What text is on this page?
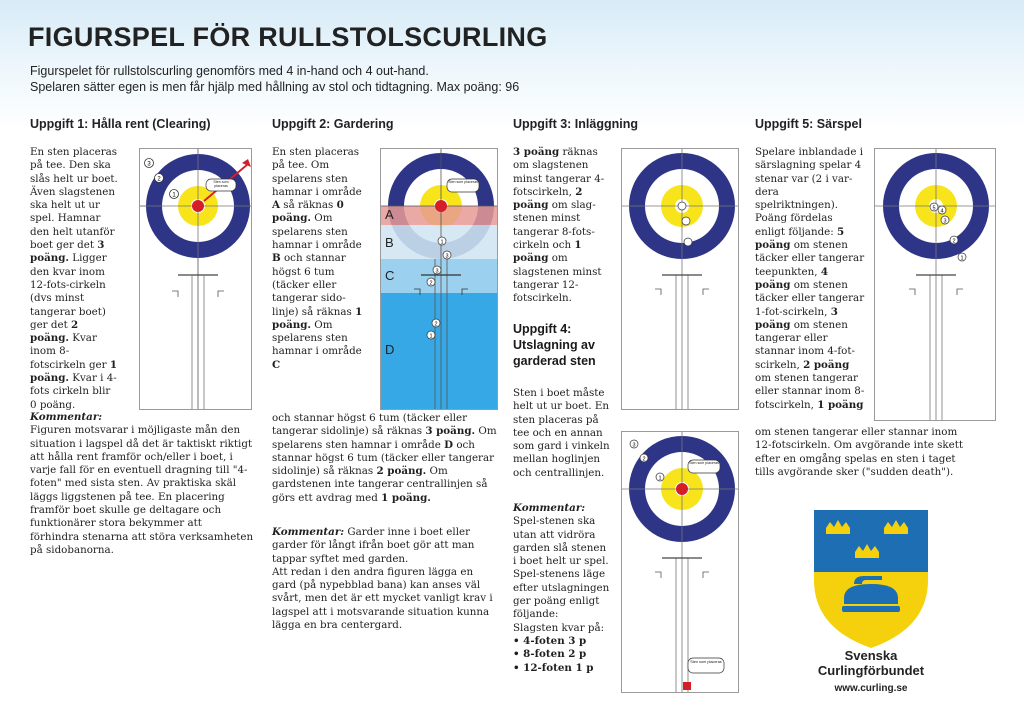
FIGURSPEL FÖR RULLSTOLSCURLING
Figurspelet för rullstolscurling genomförs med 4 in-hand och 4 out-hand.
Spelaren sätter egen is men får hjälp med hållning av stol och tidtagning. Max poäng: 96
Uppgift 1: Hålla rent (Clearing)
En sten placeras på tee. Den ska slås helt ur boet. Även slagstenen ska helt ut ur spel. Hamnar den helt utanför boet ger det 3 poäng. Ligger den kvar inom 12-fots-cirkeln (dvs minst tangerar boet) ger det 2 poäng. Kvar inom 8-fotscirkeln ger 1 poäng. Kvar i 4-fots cirkeln blir 0 poäng.
1
2
3
Sten som placeras
Kommentar:
Figuren motsvarar i möjligaste mån den situation i lagspel då det är taktiskt riktigt att hålla rent framför och/eller i boet, i varje fall för en eventuell dragning till "4-foten" med sista sten. Av praktiska skäl läggs liggstenen på tee. En placering framför boet skulle ge deltagare och funktionärer stora bekymmer att förhindra stenarna att störa verksamheten på sidobanorna.
Uppgift 2: Gardering
En sten placeras på tee. Om spelarens sten hamnar i område A så räknas 0 poäng. Om spelarens sten hamnar i område B och stannar högst 6 tum (täcker eller tangerar sido-linje) så räknas 1 poäng. Om spelarens sten hamnar i område C
och stannar högst 6 tum (täcker eller tangerar sidolinje) så räknas 3 poäng. Om spelarens sten hamnar i område D och stannar högst 6 tum (täcker eller tangerar sidolinje) så räknas 2 poäng. Om gardstenen inte tangerar centrallinjen så görs ett avdrag med 1 poäng.
1
3
3
2
2
1
A
B
C
D
Sten som placeras
Kommentar: Garder inne i boet eller garder för långt ifrån boet gör att man tappar syftet med garden.
Att redan i den andra figuren lägga en gard (på nypebblad bana) kan anses väl svårt, men det är ett mycket vanligt krav i lagspel att i motsvarande situation kunna lägga en bra centergard.
Uppgift 3: Inläggning
3 poäng räknas om slagstenen minst tangerar 4-fotscirkeln, 2 poäng om slag-stenen minst tangerar 8-fots-cirkeln och 1 poäng om slagstenen minst tangerar 12-fotscirkeln.
Uppgift 4: Utslagning av garderad sten
Sten i boet måste helt ut ur boet. En sten placeras på tee och en annan som gard i vinkeln mellan hoglinjen och centrallinjen.
Kommentar: Spel-stenen ska utan att vidröra garden slå stenen i boet helt ur spel. Spel-stenens läge efter utslagningen ger poäng enligt följande:
Slagsten kvar på:
• 4-foten 3 p
• 8-foten 2 p
• 12-foten 1 p
1
2
3
Sten som placeras
Sten som placeras
Uppgift 5: Särspel
Spelare inblandade i särslagning spelar 4 stenar var (2 i var-dera spelriktningen). Poäng fördelas enligt följande: 5 poäng om stenen täcker eller tangerar teepunkten, 4 poäng om stenen täcker eller tangerar 1-fot-scirkeln, 3 poäng om stenen tangerar eller stannar inom 4-fot-scirkeln, 2 poäng om stenen tangerar eller stannar inom 8-fotscirkeln, 1 poäng
om stenen tangerar eller stannar inom 12-fotscirkeln. Om avgörande inte skett efter en omgång spelas en sten i taget tills avgörande sker ("sudden death").
5 4
3
2
1
Svenska
Curlingförbundet
www.curling.se
